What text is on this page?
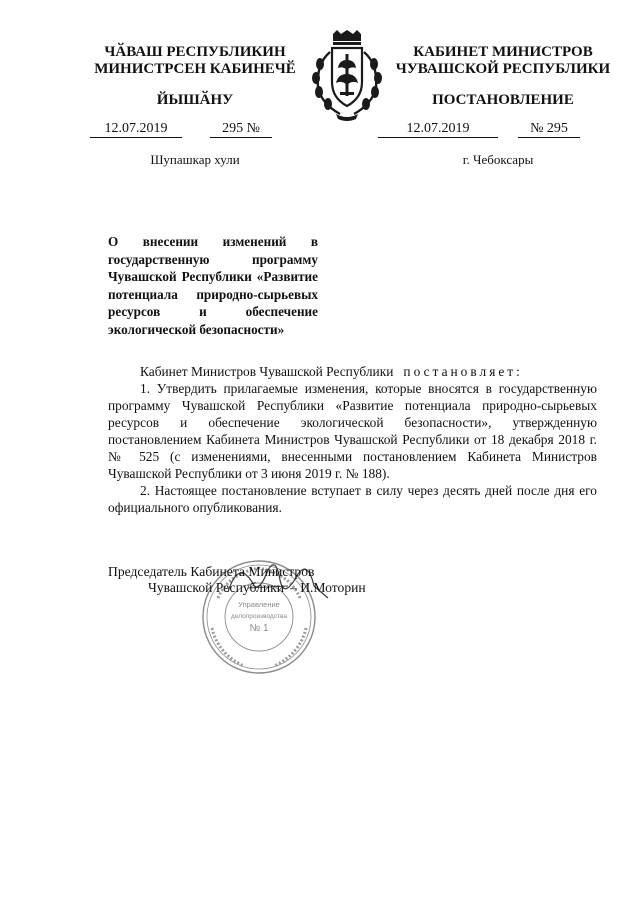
ЧӐВАШ РЕСПУБЛИКИН
МИНИСТРСЕН КАБИНЕЧӖ
ЙЫШӐНУ
12.07.2019	295 №
Шупашкар хули
КАБИНЕТ МИНИСТРОВ
ЧУВАШСКОЙ РЕСПУБЛИКИ
ПОСТАНОВЛЕНИЕ
12.07.2019	№ 295
г. Чебоксары
О внесении изменений в государственную программу Чувашской Республики «Развитие потенциала природно-сырьевых ресурсов и обеспечение экологической безопасности»

Кабинет Министров Чувашской Республики постановляет:

1. Утвердить прилагаемые изменения, которые вносятся в государственную программу Чувашской Республики «Развитие потенциала природно-сырьевых ресурсов и обеспечение экологической безопасности», утвержденную постановлением Кабинета Министров Чувашской Республики от 18 декабря 2018 г. № 525 (с изменениями, внесенными постановлением Кабинета Министров Чувашской Республики от 3 июня 2019 г. № 188).

2. Настоящее постановление вступает в силу через десять дней после дня его официального опубликования.

Управление
делопроизводства
№ 1
Председатель Кабинета Министров
Чувашской Республики – И.Моторин
